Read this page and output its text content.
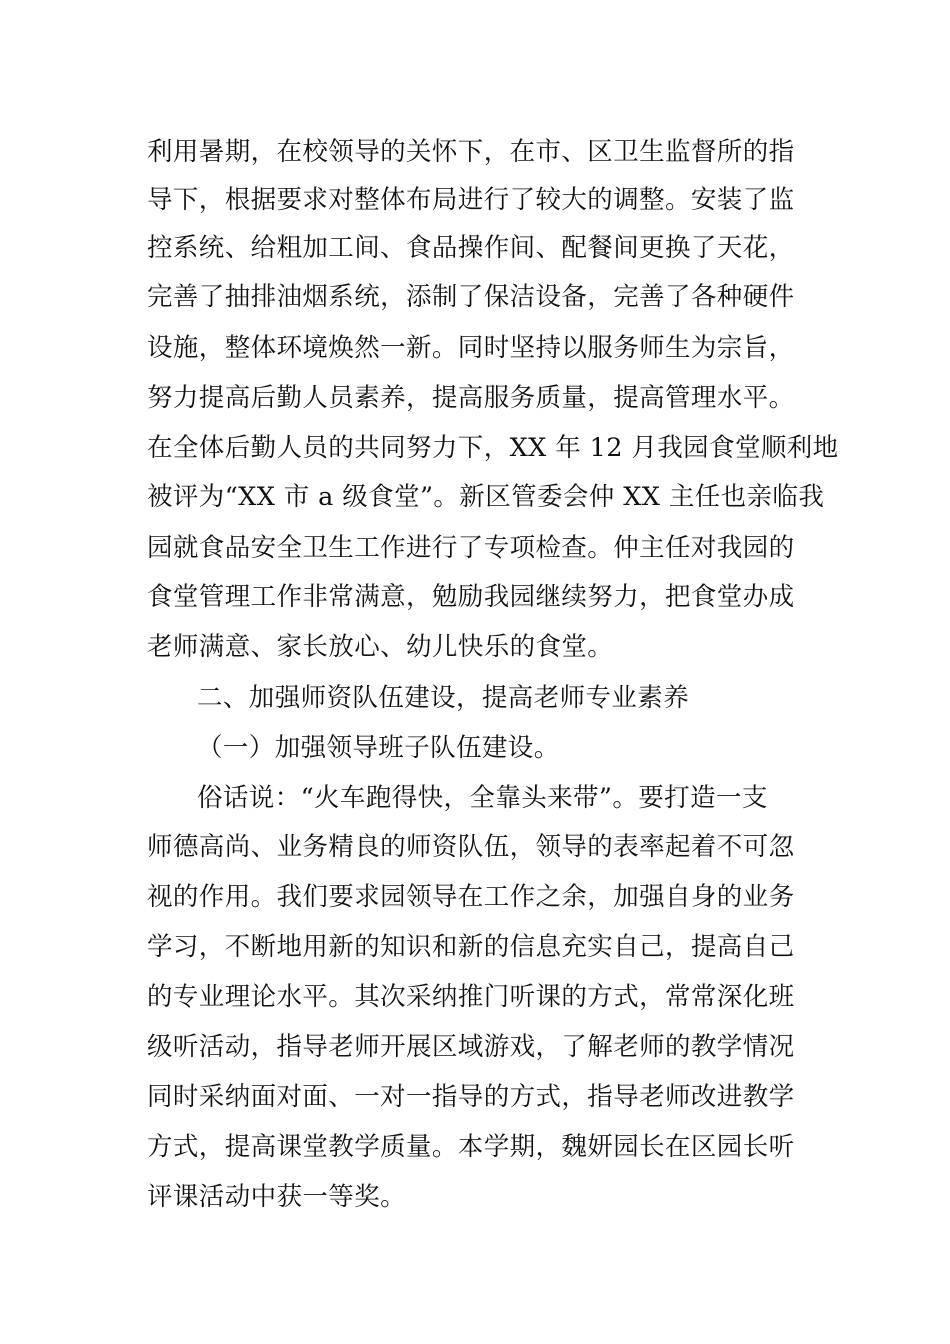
利用暑期，在校领导的关怀下，在市、区卫生监督所的指
导下，根据要求对整体布局进行了较大的调整。安装了监
控系统、给粗加工间、食品操作间、配餐间更换了天花，
完善了抽排油烟系统，添制了保洁设备，完善了各种硬件
设施，整体环境焕然一新。同时坚持以服务师生为宗旨，
努力提高后勤人员素养，提高服务质量，提高管理水平。
在全体后勤人员的共同努力下，XX 年 12 月我园食堂顺利地
被评为“XX 市 a 级食堂”。新区管委会仲 XX 主任也亲临我
园就食品安全卫生工作进行了专项检查。仲主任对我园的
食堂管理工作非常满意，勉励我园继续努力，把食堂办成
老师满意、家长放心、幼儿快乐的食堂。
二、加强师资队伍建设，提高老师专业素养
（一）加强领导班子队伍建设。
俗话说：“火车跑得快，全靠头来带”。要打造一支
师德高尚、业务精良的师资队伍，领导的表率起着不可忽
视的作用。我们要求园领导在工作之余，加强自身的业务
学习，不断地用新的知识和新的信息充实自己，提高自己
的专业理论水平。其次采纳推门听课的方式，常常深化班
级听活动，指导老师开展区域游戏，了解老师的教学情况
同时采纳面对面、一对一指导的方式，指导老师改进教学
方式，提高课堂教学质量。本学期，魏妍园长在区园长听
评课活动中获一等奖。
